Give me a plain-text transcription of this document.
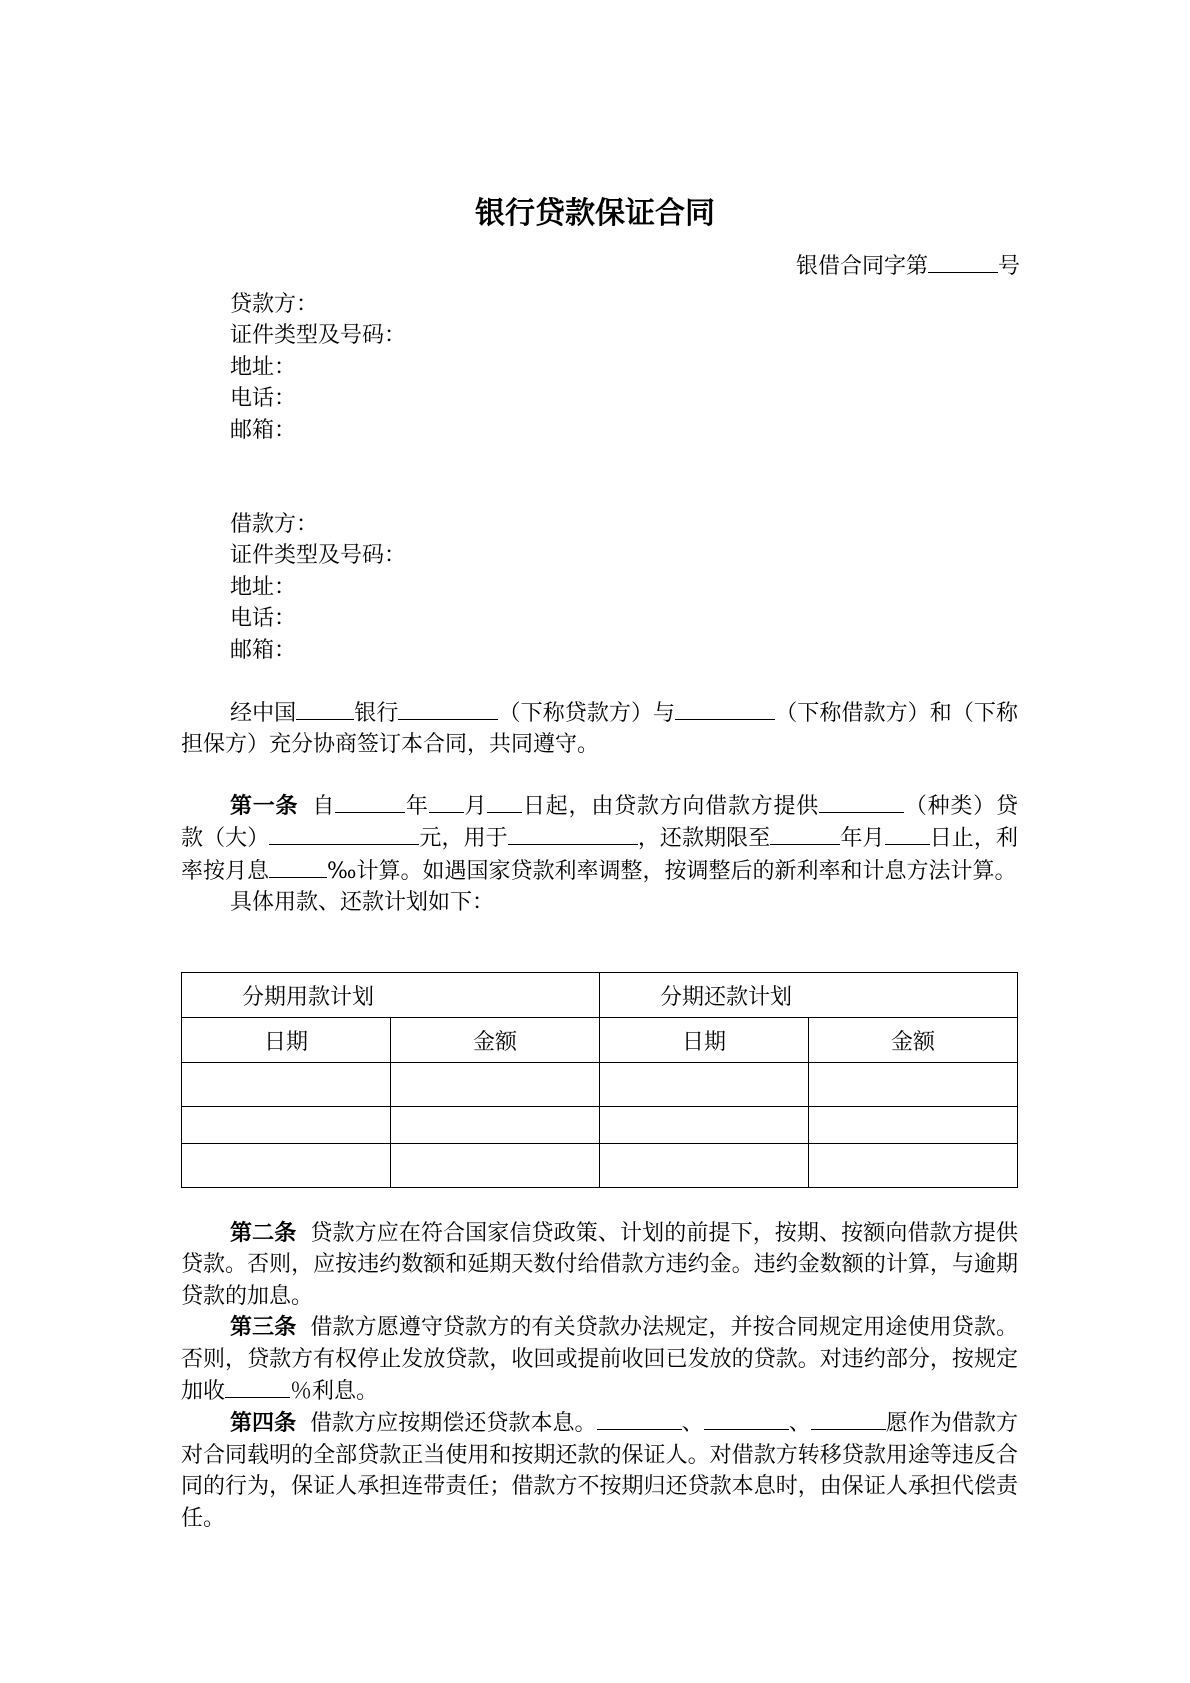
银行贷款保证合同
银借合同字第	号
贷款方：
证件类型及号码：
地址：
电话：
邮箱：
借款方：
证件类型及号码：
地址：
电话：
邮箱：

经中国	银行	（下称贷款方）与	（下称借款方）和（下称担保方）充分协商签订本合同，共同遵守。

第一条 自	年 月 日起，由贷款方向借款方提供	（种类）贷款（大）	元，用于	，还款期限至	年月 日止，利率按月息	‰计算。如遇国家贷款利率调整，按调整后的新利率和计息方法计算。

具体用款、还款计划如下：

分期用款计划		分期还款计划	
日期	金额	日期	金额

第二条 贷款方应在符合国家信贷政策、计划的前提下，按期、按额向借款方提供贷款。否则，应按违约数额和延期天数付给借款方违约金。违约金数额的计算，与逾期贷款的加息。

第三条 借款方愿遵守贷款方的有关贷款办法规定，并按合同规定用途使用贷款。否则，贷款方有权停止发放贷款，收回或提前收回已发放的贷款。对违约部分，按规定加收	％利息。

第四条 借款方应按期偿还贷款本息。	、	、	愿作为借款方对合同载明的全部贷款正当使用和按期还款的保证人。对借款方转移贷款用途等违反合同的行为，保证人承担连带责任；借款方不按期归还贷款本息时，由保证人承担代偿责任。
